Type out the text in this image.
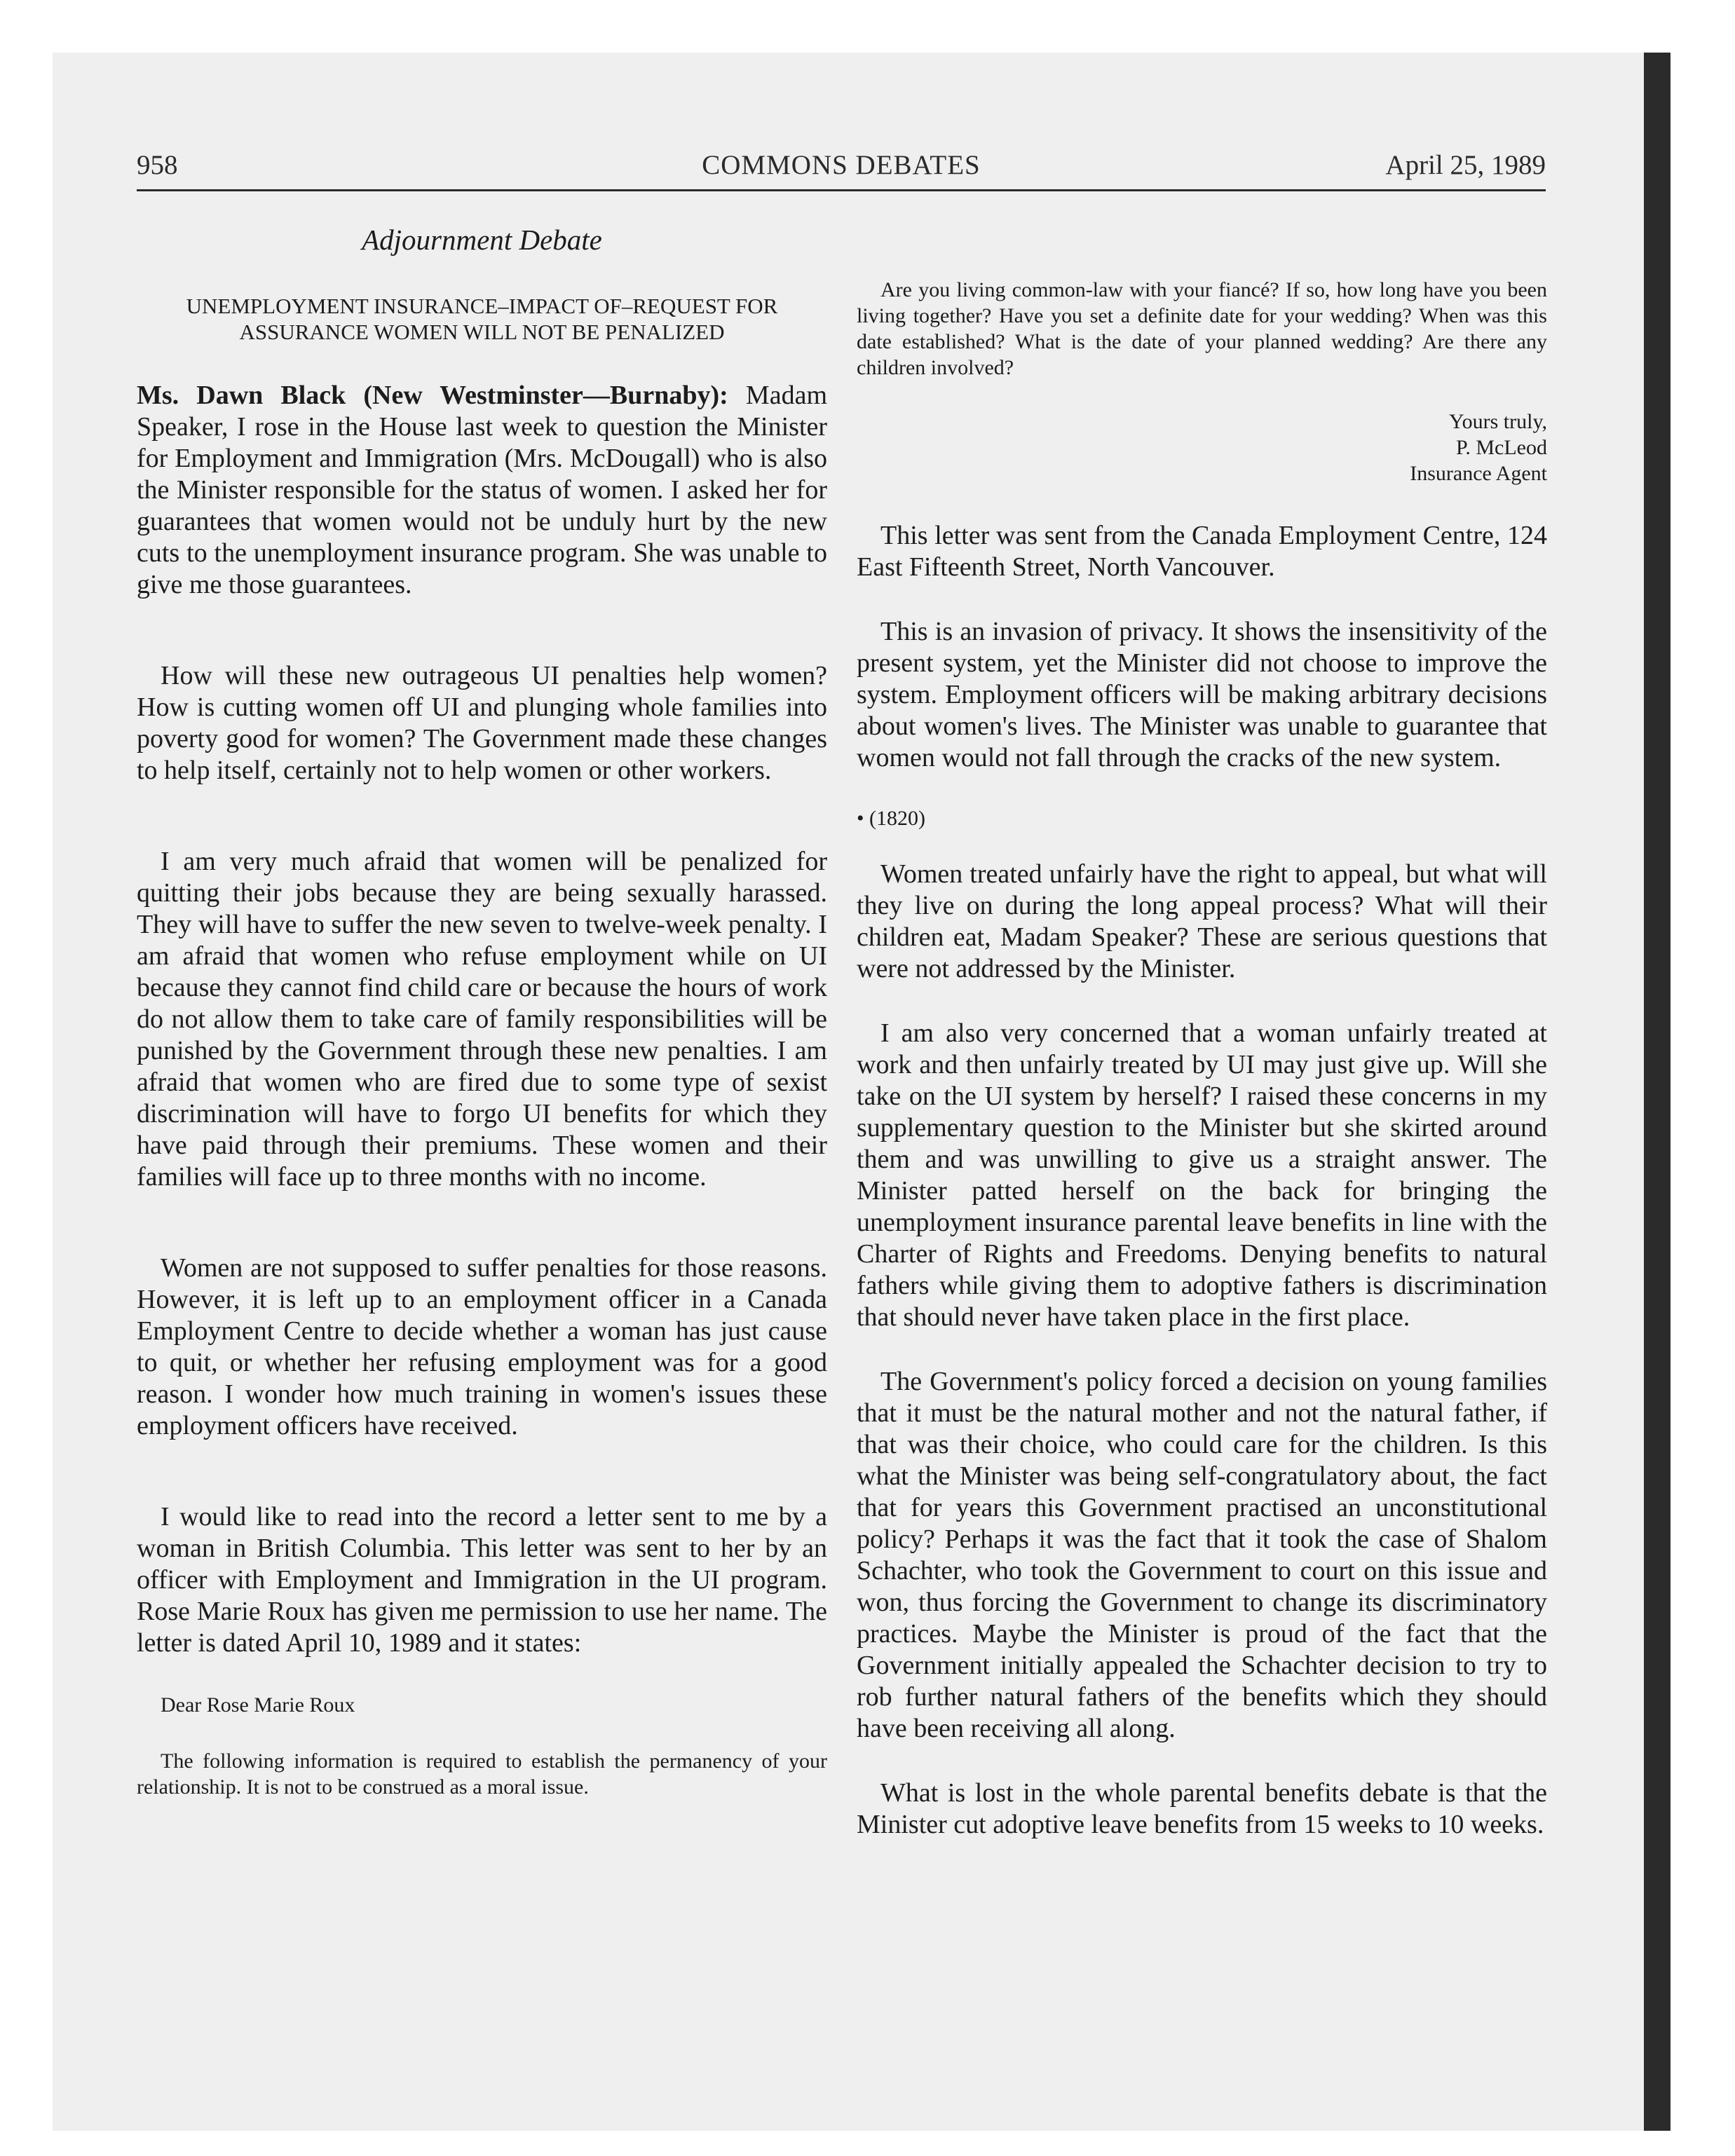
958	COMMONS DEBATES	April 25, 1989
Adjournment Debate
UNEMPLOYMENT INSURANCE–IMPACT OF–REQUEST FOR ASSURANCE WOMEN WILL NOT BE PENALIZED

Ms. Dawn Black (New Westminster—Burnaby): Madam Speaker, I rose in the House last week to question the Minister for Employment and Immigration (Mrs. McDougall) who is also the Minister responsible for the status of women. I asked her for guarantees that women would not be unduly hurt by the new cuts to the unemployment insurance program. She was unable to give me those guarantees.

How will these new outrageous UI penalties help women? How is cutting women off UI and plunging whole families into poverty good for women? The Government made these changes to help itself, certainly not to help women or other workers.

I am very much afraid that women will be penalized for quitting their jobs because they are being sexually harassed. They will have to suffer the new seven to twelve-week penalty. I am afraid that women who refuse employment while on UI because they cannot find child care or because the hours of work do not allow them to take care of family responsibilities will be punished by the Government through these new penalties. I am afraid that women who are fired due to some type of sexist discrimination will have to forgo UI benefits for which they have paid through their premiums. These women and their families will face up to three months with no income.

Women are not supposed to suffer penalties for those reasons. However, it is left up to an employment officer in a Canada Employment Centre to decide whether a woman has just cause to quit, or whether her refusing employment was for a good reason. I wonder how much training in women's issues these employment officers have received.

I would like to read into the record a letter sent to me by a woman in British Columbia. This letter was sent to her by an officer with Employment and Immigration in the UI program. Rose Marie Roux has given me permission to use her name. The letter is dated April 10, 1989 and it states:

Dear Rose Marie Roux

The following information is required to establish the permanency of your relationship. It is not to be construed as a moral issue.

Are you living common-law with your fiancé? If so, how long have you been living together? Have you set a definite date for your wedding? When was this date established? What is the date of your planned wedding? Are there any children involved?

Yours truly,
P. McLeod
Insurance Agent

This letter was sent from the Canada Employment Centre, 124 East Fifteenth Street, North Vancouver.

This is an invasion of privacy. It shows the insensitivity of the present system, yet the Minister did not choose to improve the system. Employment officers will be making arbitrary decisions about women's lives. The Minister was unable to guarantee that women would not fall through the cracks of the new system.

• (1820)

Women treated unfairly have the right to appeal, but what will they live on during the long appeal process? What will their children eat, Madam Speaker? These are serious questions that were not addressed by the Minister.

I am also very concerned that a woman unfairly treated at work and then unfairly treated by UI may just give up. Will she take on the UI system by herself? I raised these concerns in my supplementary question to the Minister but she skirted around them and was unwilling to give us a straight answer. The Minister patted herself on the back for bringing the unemployment insurance parental leave benefits in line with the Charter of Rights and Freedoms. Denying benefits to natural fathers while giving them to adoptive fathers is discrimination that should never have taken place in the first place.

The Government's policy forced a decision on young families that it must be the natural mother and not the natural father, if that was their choice, who could care for the children. Is this what the Minister was being self-congratulatory about, the fact that for years this Government practised an unconstitutional policy? Perhaps it was the fact that it took the case of Shalom Schachter, who took the Government to court on this issue and won, thus forcing the Government to change its discriminatory practices. Maybe the Minister is proud of the fact that the Government initially appealed the Schachter decision to try to rob further natural fathers of the benefits which they should have been receiving all along.

What is lost in the whole parental benefits debate is that the Minister cut adoptive leave benefits from 15 weeks to 10 weeks.
